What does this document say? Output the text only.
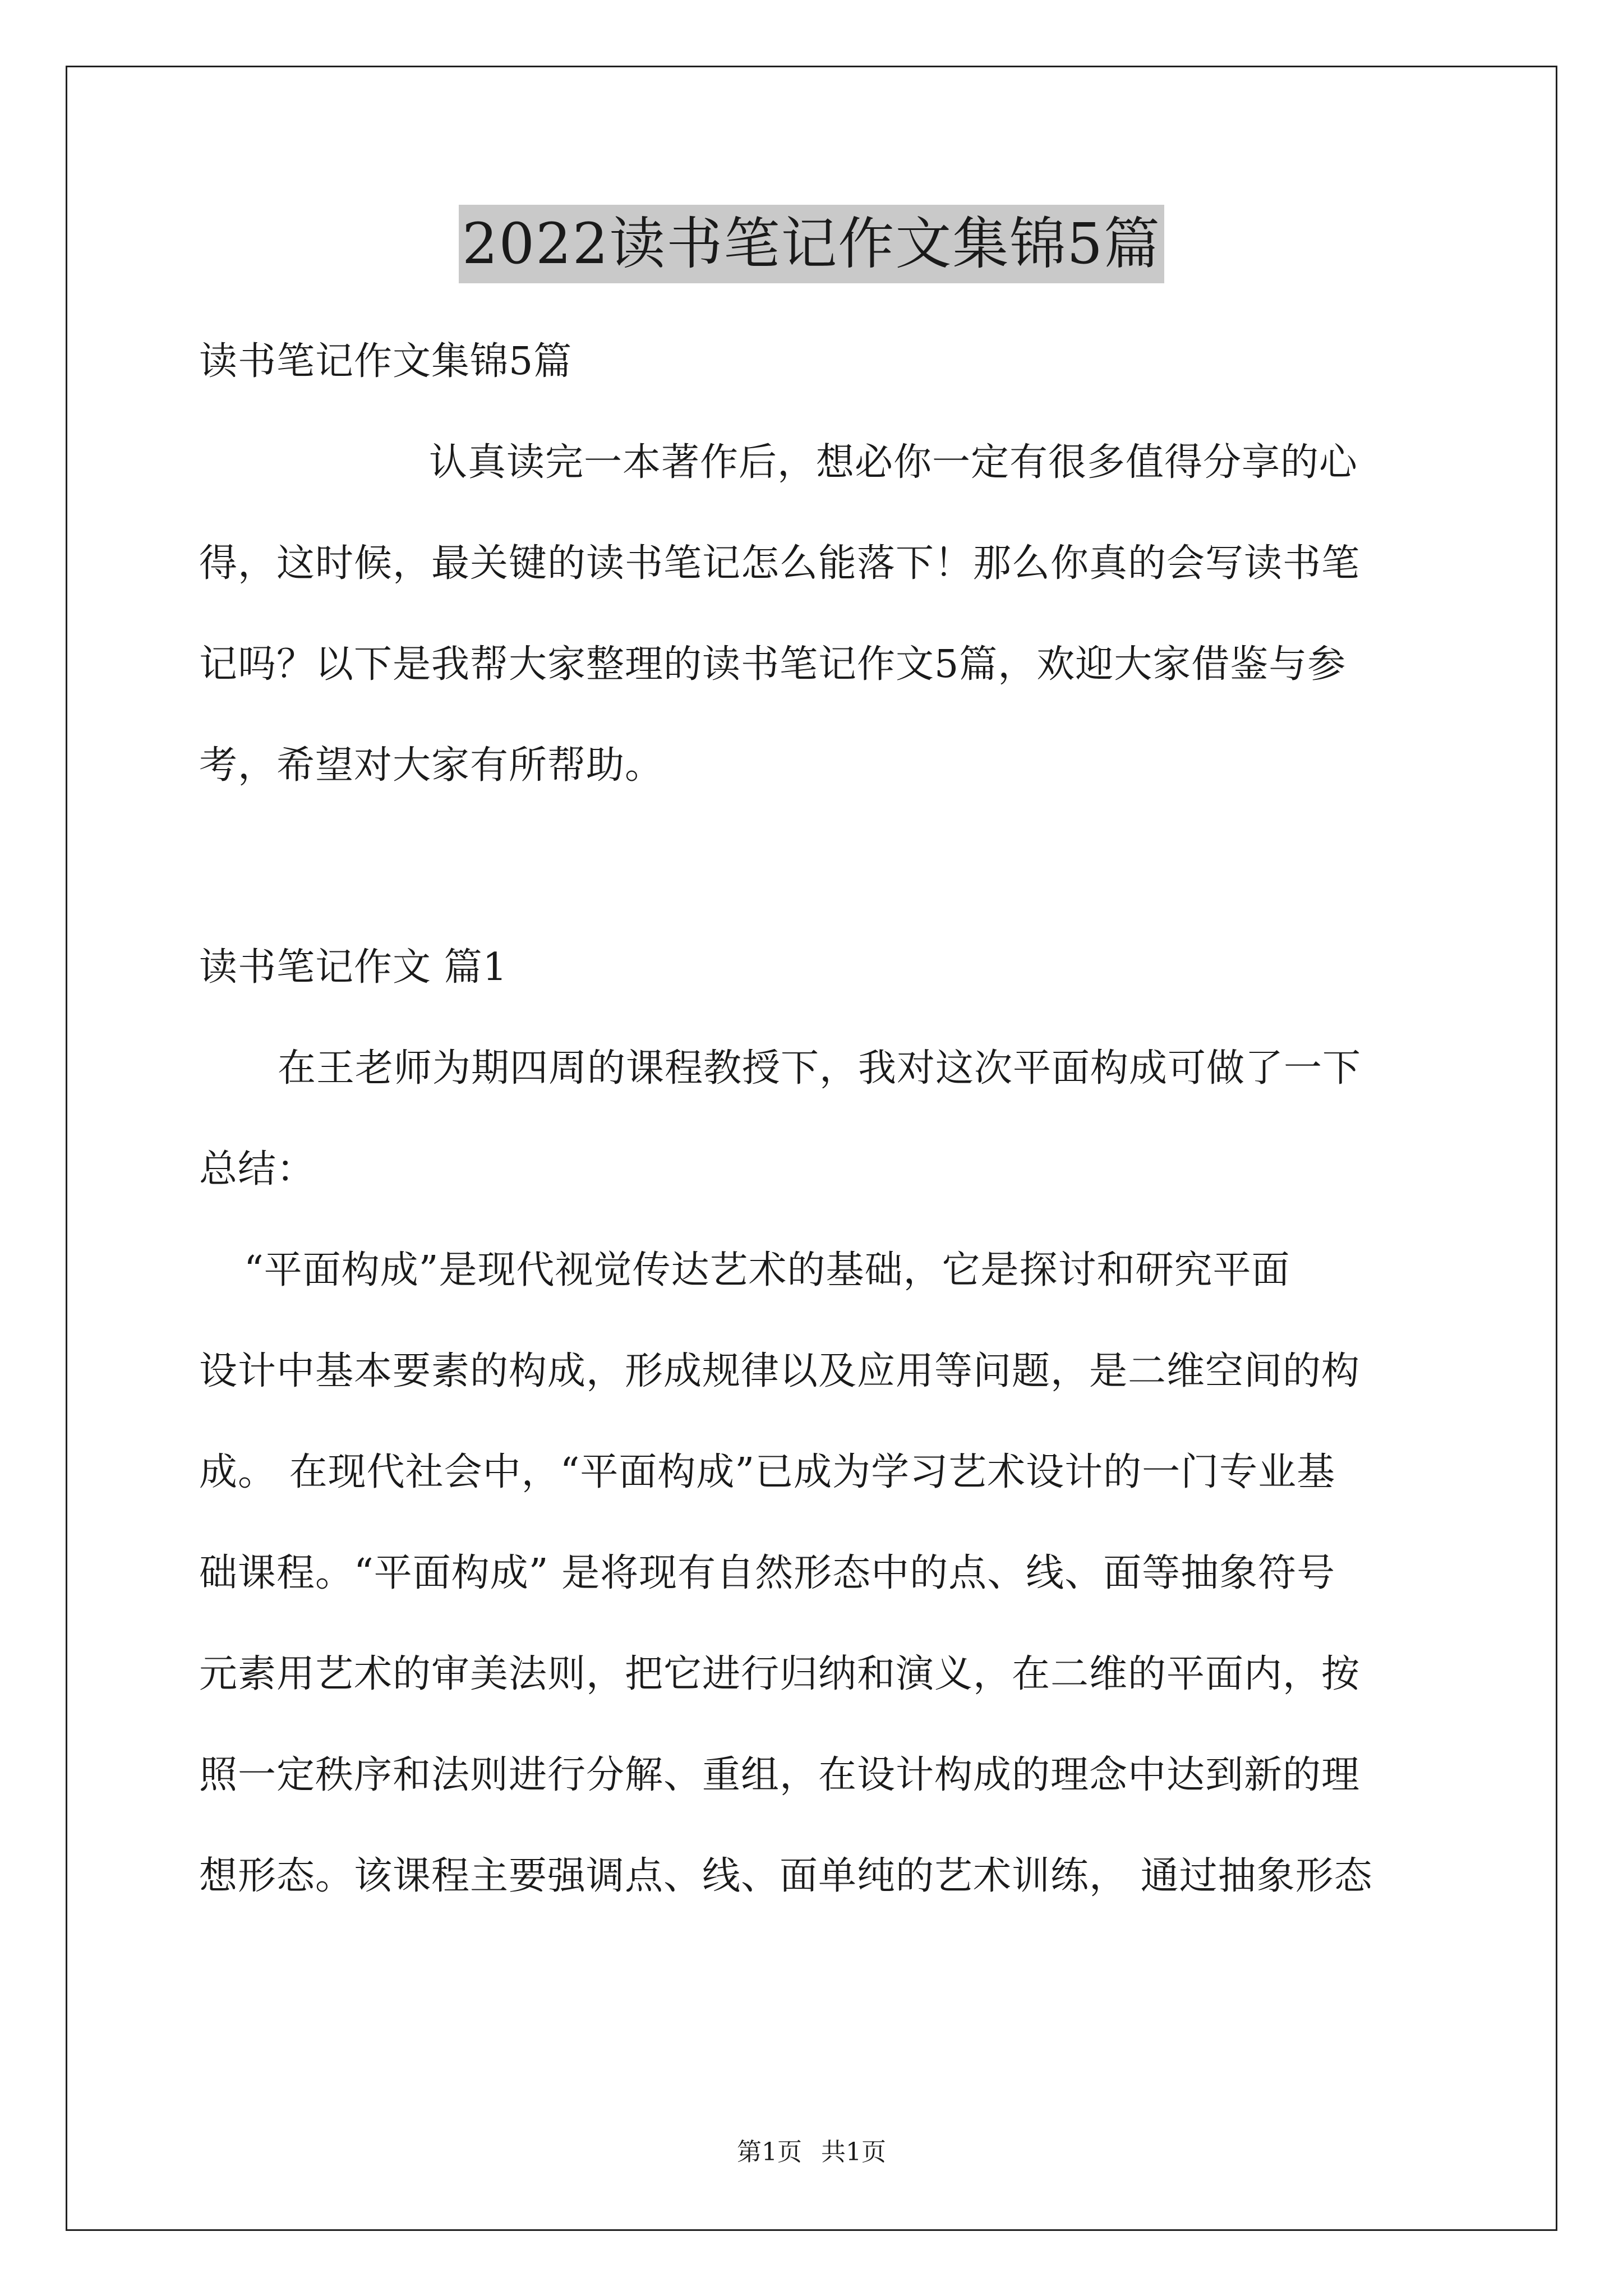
2022读书笔记作文集锦5篇
读书笔记作文集锦5篇
认真读完一本著作后，想必你一定有很多值得分享的心
得，这时候，最关键的读书笔记怎么能落下！那么你真的会写读书笔
记吗？以下是我帮大家整理的读书笔记作文5篇，欢迎大家借鉴与参
考，希望对大家有所帮助。
读书笔记作文 篇1
在王老师为期四周的课程教授下，我对这次平面构成可做了一下
总结：
“平面构成”是现代视觉传达艺术的基础，它是探讨和研究平面
设计中基本要素的构成，形成规律以及应用等问题，是二维空间的构
成。 在现代社会中，“平面构成”已成为学习艺术设计的一门专业基
础课程。“平面构成” 是将现有自然形态中的点、线、面等抽象符号
元素用艺术的审美法则，把它进行归纳和演义，在二维的平面内，按
照一定秩序和法则进行分解、重组，在设计构成的理念中达到新的理
想形态。该课程主要强调点、线、面单纯的艺术训练， 通过抽象形态
第1页 共1页
